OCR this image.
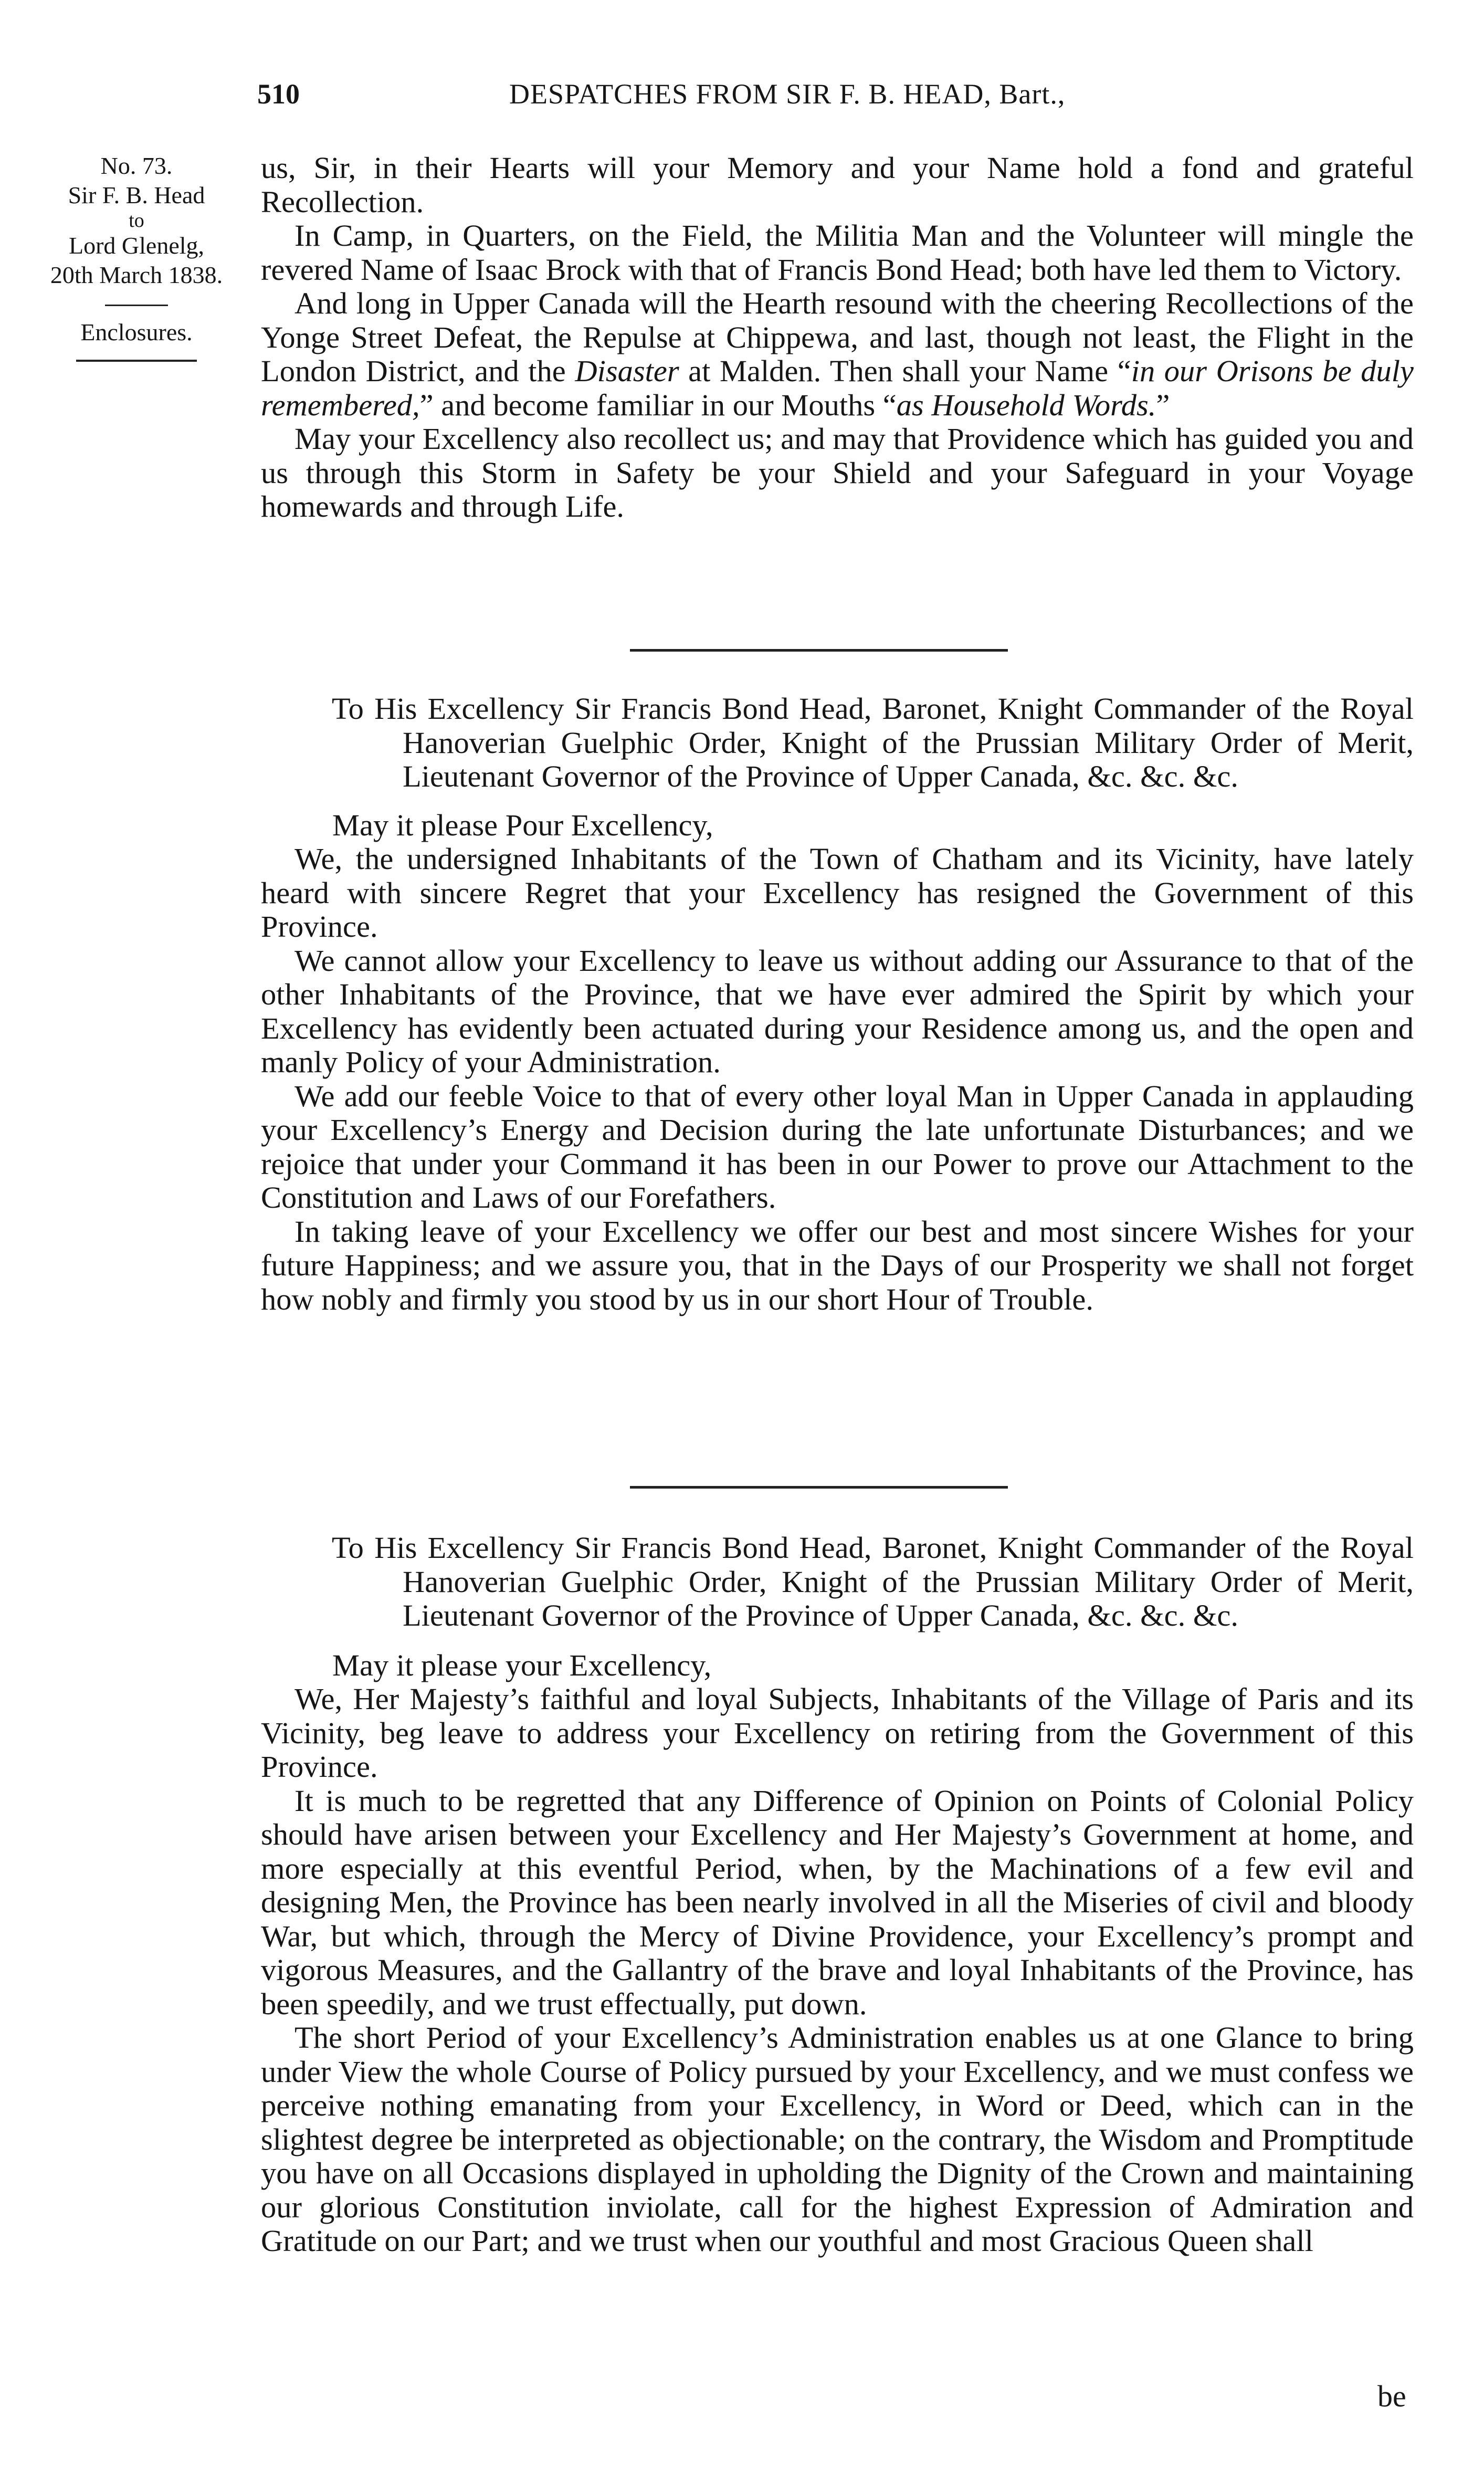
510	DESPATCHES FROM SIR F. B. HEAD, Bart.,
No. 73.
Sir F. B. Head
to
Lord Glenelg,
20th March 1838.
Enclosures.

us, Sir, in their Hearts will your Memory and your Name hold a fond and grateful Recollection.

In Camp, in Quarters, on the Field, the Militia Man and the Volunteer will mingle the revered Name of Isaac Brock with that of Francis Bond Head; both have led them to Victory.

And long in Upper Canada will the Hearth resound with the cheering Recollections of the Yonge Street Defeat, the Repulse at Chippewa, and last, though not least, the Flight in the London District, and the Disaster at Malden. Then shall your Name “in our Orisons be duly remembered,” and become familiar in our Mouths “as Household Words.”

May your Excellency also recollect us; and may that Providence which has guided you and us through this Storm in Safety be your Shield and your Safeguard in your Voyage homewards and through Life.

To His Excellency Sir Francis Bond Head, Baronet, Knight Commander of the Royal Hanoverian Guelphic Order, Knight of the Prussian Military Order of Merit, Lieutenant Governor of the Province of Upper Canada, &c. &c. &c.

May it please Pour Excellency,

We, the undersigned Inhabitants of the Town of Chatham and its Vicinity, have lately heard with sincere Regret that your Excellency has resigned the Government of this Province.

We cannot allow your Excellency to leave us without adding our Assurance to that of the other Inhabitants of the Province, that we have ever admired the Spirit by which your Excellency has evidently been actuated during your Residence among us, and the open and manly Policy of your Administration.

We add our feeble Voice to that of every other loyal Man in Upper Canada in applauding your Excellency’s Energy and Decision during the late unfortunate Disturbances; and we rejoice that under your Command it has been in our Power to prove our Attachment to the Constitution and Laws of our Forefathers.

In taking leave of your Excellency we offer our best and most sincere Wishes for your future Happiness; and we assure you, that in the Days of our Prosperity we shall not forget how nobly and firmly you stood by us in our short Hour of Trouble.

To His Excellency Sir Francis Bond Head, Baronet, Knight Commander of the Royal Hanoverian Guelphic Order, Knight of the Prussian Military Order of Merit, Lieutenant Governor of the Province of Upper Canada, &c. &c. &c.

May it please your Excellency,

We, Her Majesty’s faithful and loyal Subjects, Inhabitants of the Village of Paris and its Vicinity, beg leave to address your Excellency on retiring from the Government of this Province.

It is much to be regretted that any Difference of Opinion on Points of Colonial Policy should have arisen between your Excellency and Her Majesty’s Government at home, and more especially at this eventful Period, when, by the Machinations of a few evil and designing Men, the Province has been nearly involved in all the Miseries of civil and bloody War, but which, through the Mercy of Divine Providence, your Excellency’s prompt and vigorous Measures, and the Gallantry of the brave and loyal Inhabitants of the Province, has been speedily, and we trust effectually, put down.

The short Period of your Excellency’s Administration enables us at one Glance to bring under View the whole Course of Policy pursued by your Excellency, and we must confess we perceive nothing emanating from your Excellency, in Word or Deed, which can in the slightest degree be interpreted as objectionable; on the contrary, the Wisdom and Promptitude you have on all Occasions displayed in upholding the Dignity of the Crown and maintaining our glorious Constitution inviolate, call for the highest Expression of Admiration and Gratitude on our Part; and we trust when our youthful and most Gracious Queen shall

be
